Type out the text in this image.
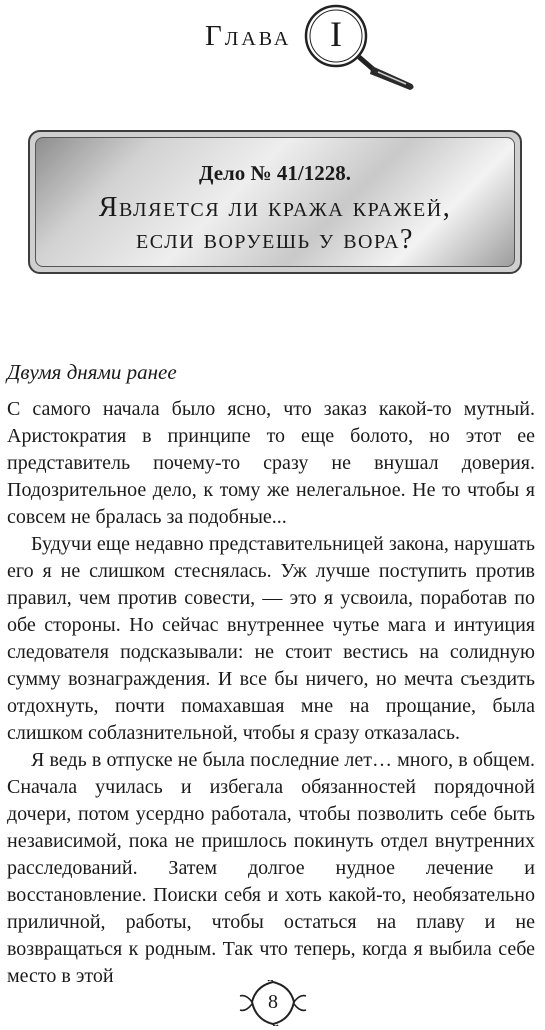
Глава	I
Дело № 41/1228.
Является ли кража кражей,
если воруешь у вора?
Двумя днями ранее

С самого начала было ясно, что заказ какой-то мутный. Аристократия в принципе то еще болото, но этот ее представитель почему-то сразу не внушал доверия. Подозрительное дело, к тому же нелегальное. Не то чтобы я совсем не бралась за подобные...

Будучи еще недавно представительницей закона, нарушать его я не слишком стеснялась. Уж лучше поступить против правил, чем против совести, — это я усвоила, поработав по обе стороны. Но сейчас внутреннее чутье мага и интуиция следователя подсказывали: не стоит вестись на солидную сумму вознаграждения. И все бы ничего, но мечта съездить отдохнуть, почти помахавшая мне на прощание, была слишком соблазнительной, чтобы я сразу отказалась.

Я ведь в отпуске не была последние лет… много, в общем. Сначала училась и избегала обязанностей порядочной дочери, потом усердно работала, чтобы позволить себе быть независимой, пока не пришлось покинуть отдел внутренних расследований. Затем долгое нудное лечение и восстановление. Поиски себя и хоть какой-то, необязательно приличной, работы, чтобы остаться на плаву и не возвращаться к родным. Так что теперь, когда я выбила себе место в этой

8
